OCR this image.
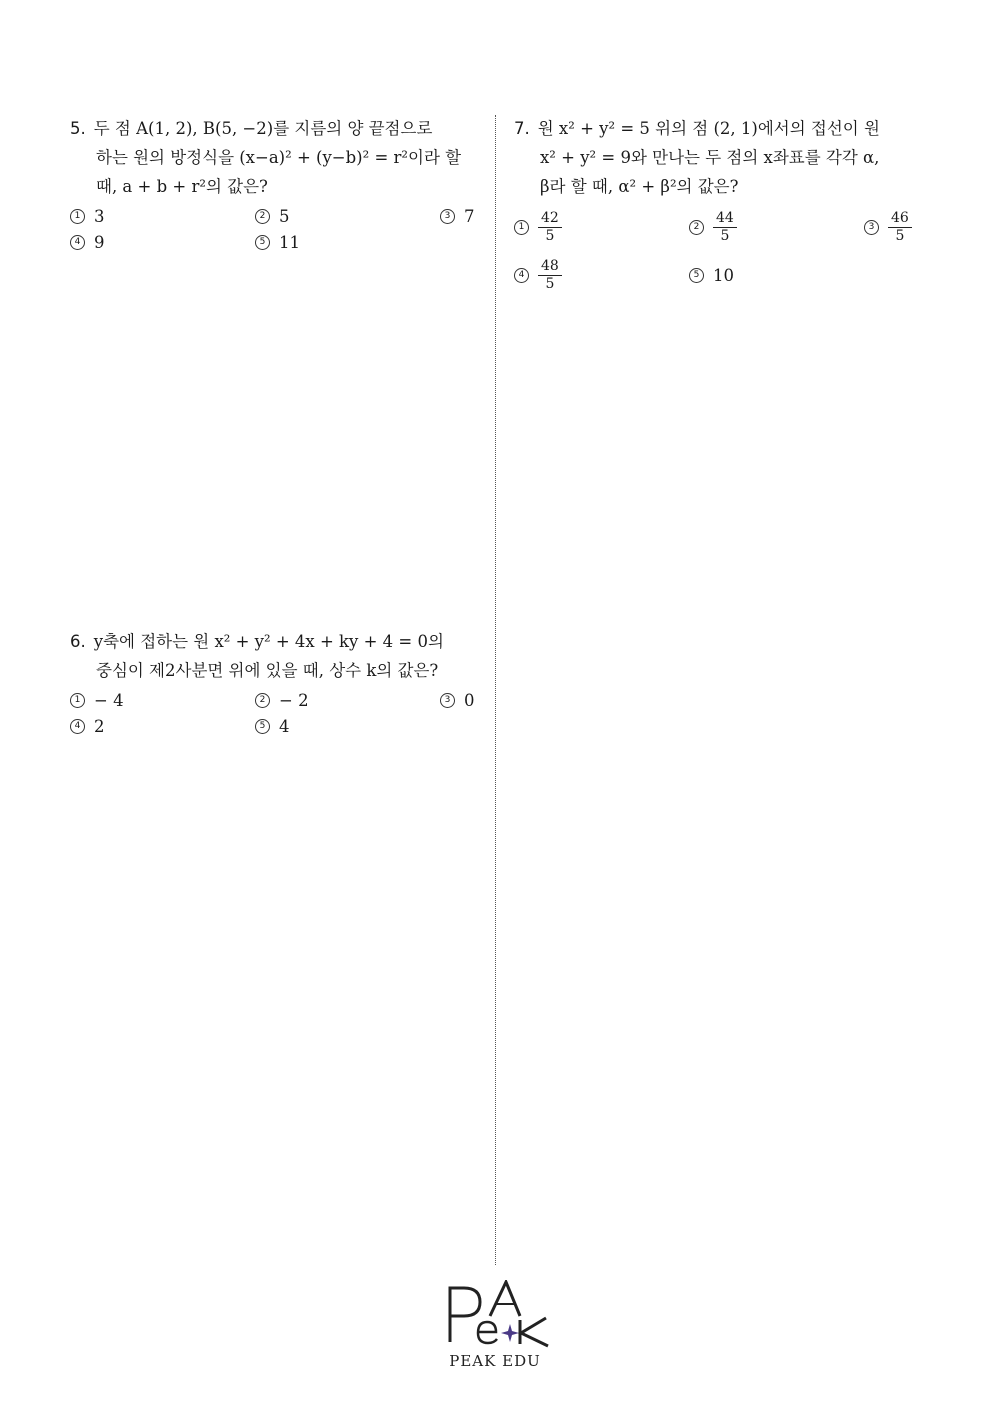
5. 두 점 A(1, 2), B(5, −2)를 지름의 양 끝점으로
하는 원의 방정식을 (x−a)² + (y−b)² = r²이라 할
때, a + b + r²의 값은?
1 3	2 5	3 7
4 9	5 11
6. y축에 접하는 원 x² + y² + 4x + ky + 4 = 0의
중심이 제2사분면 위에 있을 때, 상수 k의 값은?
1 − 4	2 − 2	3 0
4 2	5 4
7. 원 x² + y² = 5 위의 점 (2, 1)에서의 접선이 원
x² + y² = 9와 만나는 두 점의 x좌표를 각각 α,
β라 할 때, α² + β²의 값은?
$1 \frac{42}{5}$	$2 \frac{44}{5}$	$3 \frac{46}{5}$
$4 \frac{48}{5}$	5 10
PEAK EDU
